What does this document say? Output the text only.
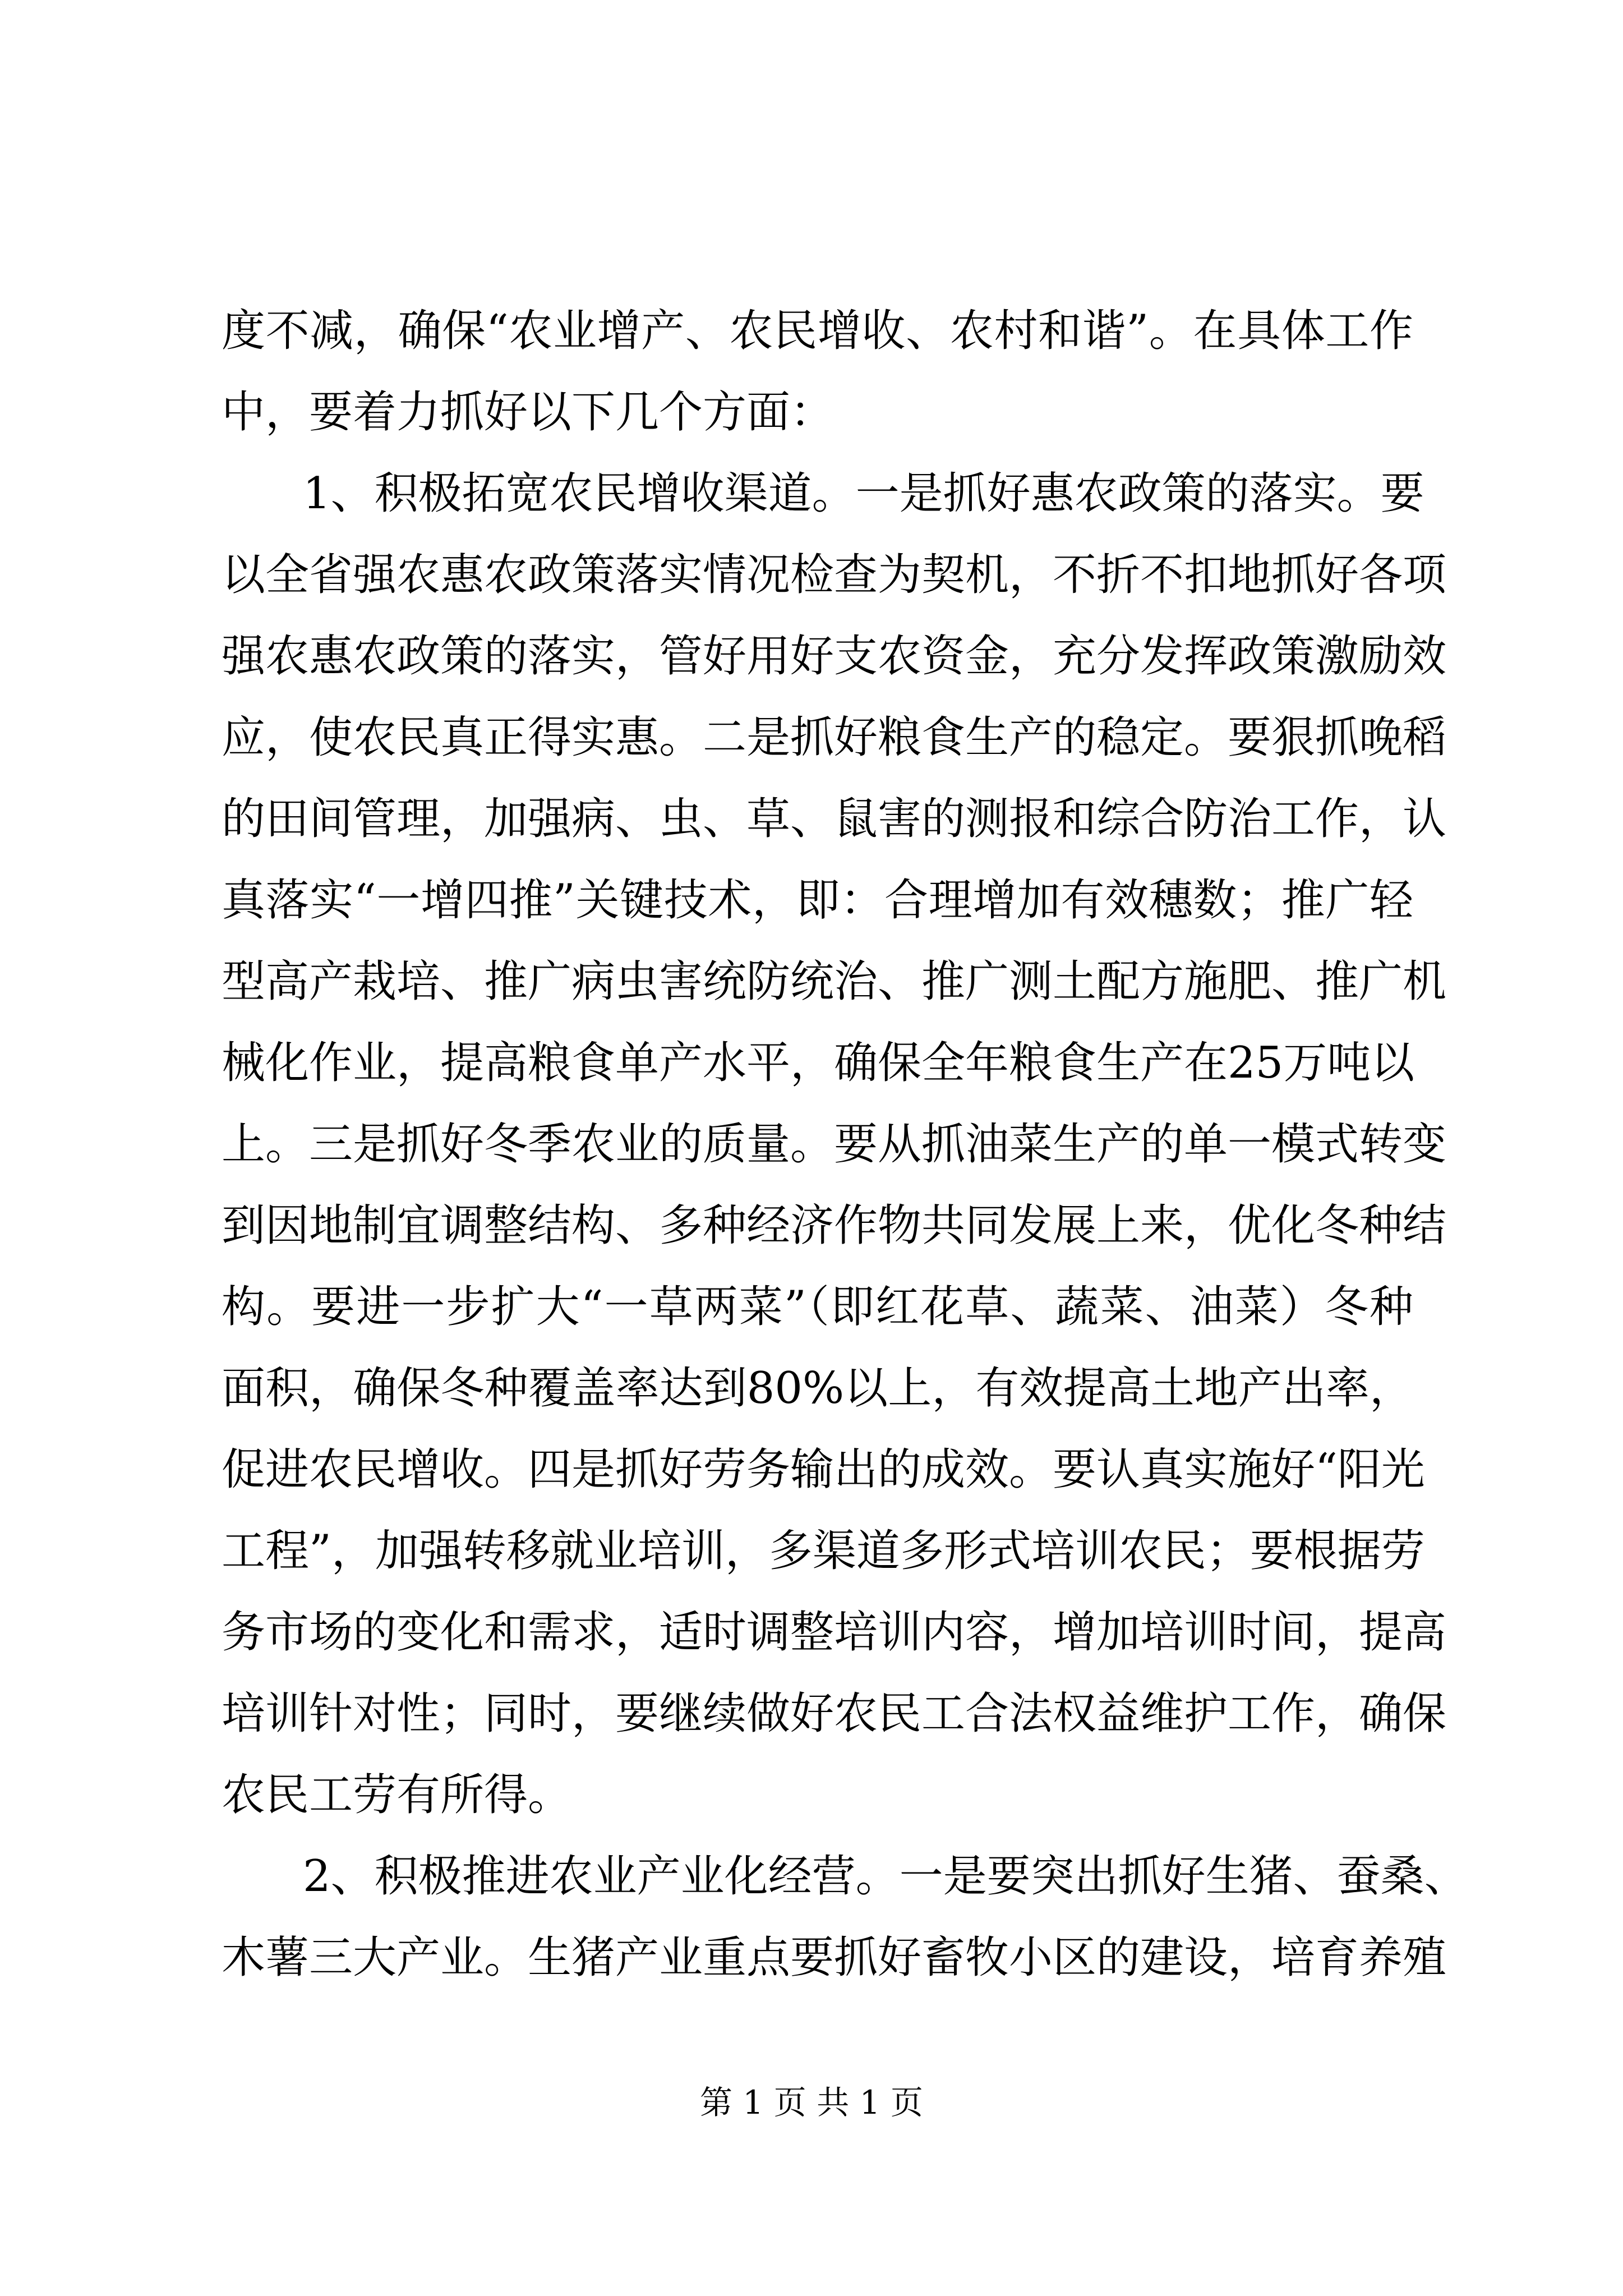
度不减，确保“农业增产、农民增收、农村和谐”。在具体工作
中，要着力抓好以下几个方面：
1、积极拓宽农民增收渠道。一是抓好惠农政策的落实。要
以全省强农惠农政策落实情况检查为契机，不折不扣地抓好各项
强农惠农政策的落实，管好用好支农资金，充分发挥政策激励效
应，使农民真正得实惠。二是抓好粮食生产的稳定。要狠抓晚稻
的田间管理，加强病、虫、草、鼠害的测报和综合防治工作，认
真落实“一增四推”关键技术，即：合理增加有效穗数；推广轻
型高产栽培、推广病虫害统防统治、推广测土配方施肥、推广机
械化作业，提高粮食单产水平，确保全年粮食生产在25万吨以
上。三是抓好冬季农业的质量。要从抓油菜生产的单一模式转变
到因地制宜调整结构、多种经济作物共同发展上来，优化冬种结
构。要进一步扩大“一草两菜”（即红花草、蔬菜、油菜）冬种
面积，确保冬种覆盖率达到80%以上，有效提高土地产出率，
促进农民增收。四是抓好劳务输出的成效。要认真实施好“阳光
工程”，加强转移就业培训，多渠道多形式培训农民；要根据劳
务市场的变化和需求，适时调整培训内容，增加培训时间，提高
培训针对性；同时，要继续做好农民工合法权益维护工作，确保
农民工劳有所得。
2、积极推进农业产业化经营。一是要突出抓好生猪、蚕桑、
木薯三大产业。生猪产业重点要抓好畜牧小区的建设，培育养殖
第 1 页 共 1 页
